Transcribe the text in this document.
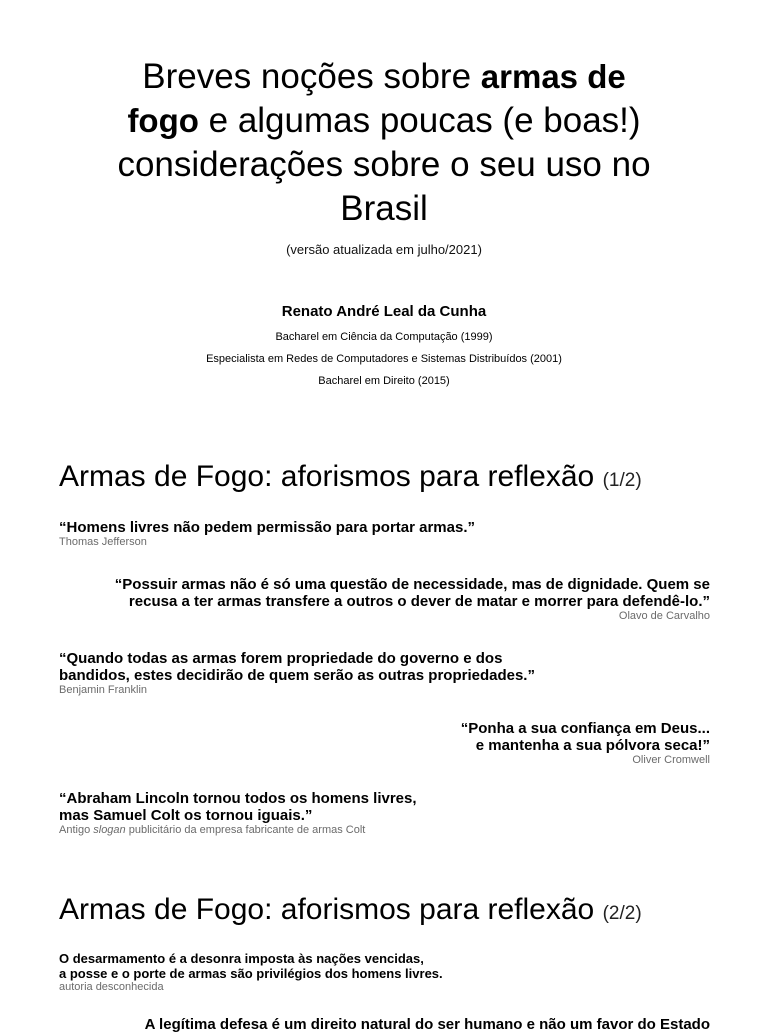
Breves noções sobre armas de
fogo e algumas poucas (e boas!) considerações sobre o seu uso no Brasil
(versão atualizada em julho/2021)
Renato André Leal da Cunha
Bacharel em Ciência da Computação (1999)
Especialista em Redes de Computadores e Sistemas Distribuídos (2001)
Bacharel em Direito (2015)
Armas de Fogo: aforismos para reflexão (1/2)
“Homens livres não pedem permissão para portar armas.”
Thomas Jefferson
“Possuir armas não é só uma questão de necessidade, mas de dignidade. Quem se
recusa a ter armas transfere a outros o dever de matar e morrer para defendê-lo.”
Olavo de Carvalho
“Quando todas as armas forem propriedade do governo e dos
bandidos, estes decidirão de quem serão as outras propriedades.”
Benjamin Franklin
“Ponha a sua confiança em Deus...
e mantenha a sua pólvora seca!”
Oliver Cromwell
“Abraham Lincoln tornou todos os homens livres,
mas Samuel Colt os tornou iguais.”
Antigo slogan publicitário da empresa fabricante de armas Colt
Armas de Fogo: aforismos para reflexão (2/2)
O desarmamento é a desonra imposta às nações vencidas,
a posse e o porte de armas são privilégios dos homens livres.
autoria desconhecida
A legítima defesa é um direito natural do ser humano e não um favor do Estado
